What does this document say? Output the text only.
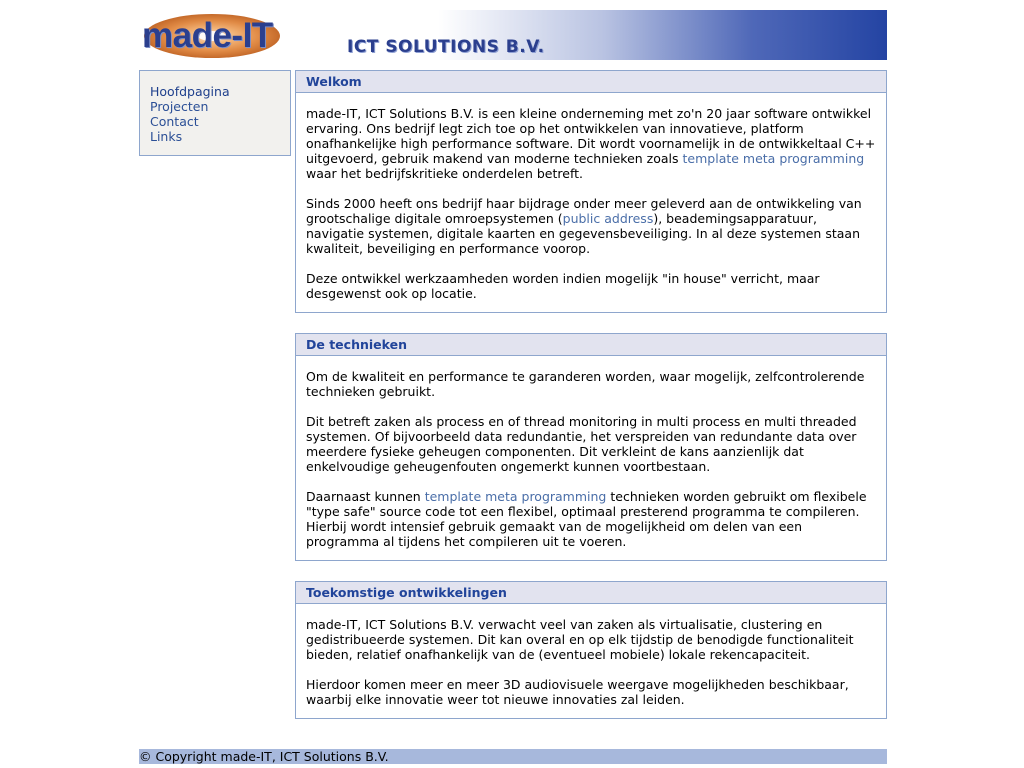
made-IT	ICT SOLUTIONS B.V.
Hoofdpagina
Projecten
Contact
Links
Welkom

made-IT, ICT Solutions B.V. is een kleine onderneming met zo'n 20 jaar software ontwikkel ervaring. Ons bedrijf legt zich toe op het ontwikkelen van innovatieve, platform onafhankelijke high performance software. Dit wordt voornamelijk in de ontwikkeltaal C++ uitgevoerd, gebruik makend van moderne technieken zoals template meta programming waar het bedrijfskritieke onderdelen betreft.

Sinds 2000 heeft ons bedrijf haar bijdrage onder meer geleverd aan de ontwikkeling van grootschalige digitale omroepsystemen (public address), beademingsapparatuur, navigatie systemen, digitale kaarten en gegevensbeveiliging. In al deze systemen staan kwaliteit, beveiliging en performance voorop.

Deze ontwikkel werkzaamheden worden indien mogelijk "in house" verricht, maar desgewenst ook op locatie.

De technieken

Om de kwaliteit en performance te garanderen worden, waar mogelijk, zelfcontrolerende technieken gebruikt.

Dit betreft zaken als process en of thread monitoring in multi process en multi threaded systemen. Of bijvoorbeeld data redundantie, het verspreiden van redundante data over meerdere fysieke geheugen componenten. Dit verkleint de kans aanzienlijk dat enkelvoudige geheugenfouten ongemerkt kunnen voortbestaan.

Daarnaast kunnen template meta programming technieken worden gebruikt om flexibele "type safe" source code tot een flexibel, optimaal presterend programma te compileren. Hierbij wordt intensief gebruik gemaakt van de mogelijkheid om delen van een programma al tijdens het compileren uit te voeren.

Toekomstige ontwikkelingen

made-IT, ICT Solutions B.V. verwacht veel van zaken als virtualisatie, clustering en gedistribueerde systemen. Dit kan overal en op elk tijdstip de benodigde functionaliteit bieden, relatief onafhankelijk van de (eventueel mobiele) lokale rekencapaciteit.

Hierdoor komen meer en meer 3D audiovisuele weergave mogelijkheden beschikbaar, waarbij elke innovatie weer tot nieuwe innovaties zal leiden.

© Copyright made-IT, ICT Solutions B.V.
